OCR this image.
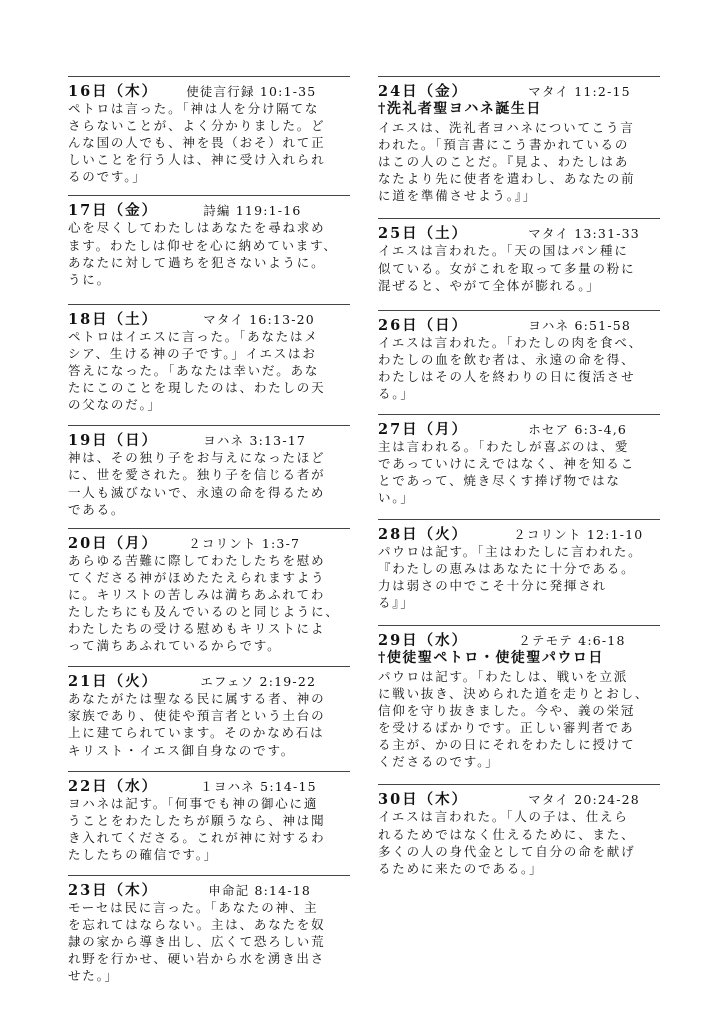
16日（木） 使徒言行録 10:1-35
ペトロは言った。「神は人を分け隔てな
さらないことが、よく分かりました。ど
んな国の人でも、神を畏（おそ）れて正
しいことを行う人は、神に受け入れられ
るのです。」
17日（金）	詩編 119:1-16
心を尽くしてわたしはあなたを尋ね求め
ます。わたしは仰せを心に納めています、
あなたに対して過ちを犯さないように。
うに。
18日（土）	マタイ 16:13-20
ペトロはイエスに言った。「あなたはメ
シア、生ける神の子です。」イエスはお
答えになった。「あなたは幸いだ。あな
たにこのことを現したのは、わたしの天
の父なのだ。」
19日（日）	ヨハネ 3:13-17
神は、その独り子をお与えになったほど
に、世を愛された。独り子を信じる者が
一人も滅びないで、永遠の命を得るため
である。
20日（月） ２コリント 1:3-7
あらゆる苦難に際してわたしたちを慰め
てくださる神がほめたたえられますよう
に。キリストの苦しみは満ちあふれてわ
たしたちにも及んでいるのと同じように、
わたしたちの受ける慰めもキリストによ
って満ちあふれているからです。
21日（火）	エフェソ 2:19-22
あなたがたは聖なる民に属する者、神の
家族であり、使徒や預言者という土台の
上に建てられています。そのかなめ石は
キリスト・イエス御自身なのです。
22日（水）	１ヨハネ 5:14-15
ヨハネは記す。「何事でも神の御心に適
うことをわたしたちが願うなら、神は聞
き入れてくださる。これが神に対するわ
たしたちの確信です。」
23日（木）	申命記 8:14-18
モーセは民に言った。「あなたの神、主
を忘れてはならない。主は、あなたを奴
隷の家から導き出し、広くて恐ろしい荒
れ野を行かせ、硬い岩から水を湧き出さ
せた。」
24日（金）	マタイ 11:2-15
†洗礼者聖ヨハネ誕生日
イエスは、洗礼者ヨハネについてこう言
われた。「預言書にこう書かれているの
はこの人のことだ。『見よ、わたしはあ
なたより先に使者を遣わし、あなたの前
に道を準備させよう。』」
25日（土）	マタイ 13:31-33
イエスは言われた。「天の国はパン種に
似ている。女がこれを取って多量の粉に
混ぜると、やがて全体が膨れる。」
26日（日）	ヨハネ 6:51-58
イエスは言われた。「わたしの肉を食べ、
わたしの血を飲む者は、永遠の命を得、
わたしはその人を終わりの日に復活させ
る。」
27日（月）	ホセア 6:3-4,6
主は言われる。「わたしが喜ぶのは、愛
であっていけにえではなく、神を知るこ
とであって、焼き尽くす捧げ物ではな
い。」
28日（火）	２コリント 12:1-10
パウロは記す。「主はわたしに言われた。
『わたしの恵みはあなたに十分である。
力は弱さの中でこそ十分に発揮され
る』」
29日（水）	２テモテ 4:6-18
†使徒聖ペトロ・使徒聖パウロ日
パウロは記す。「わたしは、戦いを立派
に戦い抜き、決められた道を走りとおし、
信仰を守り抜きました。今や、義の栄冠
を受けるばかりです。正しい審判者であ
る主が、かの日にそれをわたしに授けて
くださるのです。」
30日（木）	マタイ 20:24-28
イエスは言われた。「人の子は、仕えら
れるためではなく仕えるために、また、
多くの人の身代金として自分の命を献げ
るために来たのである。」
